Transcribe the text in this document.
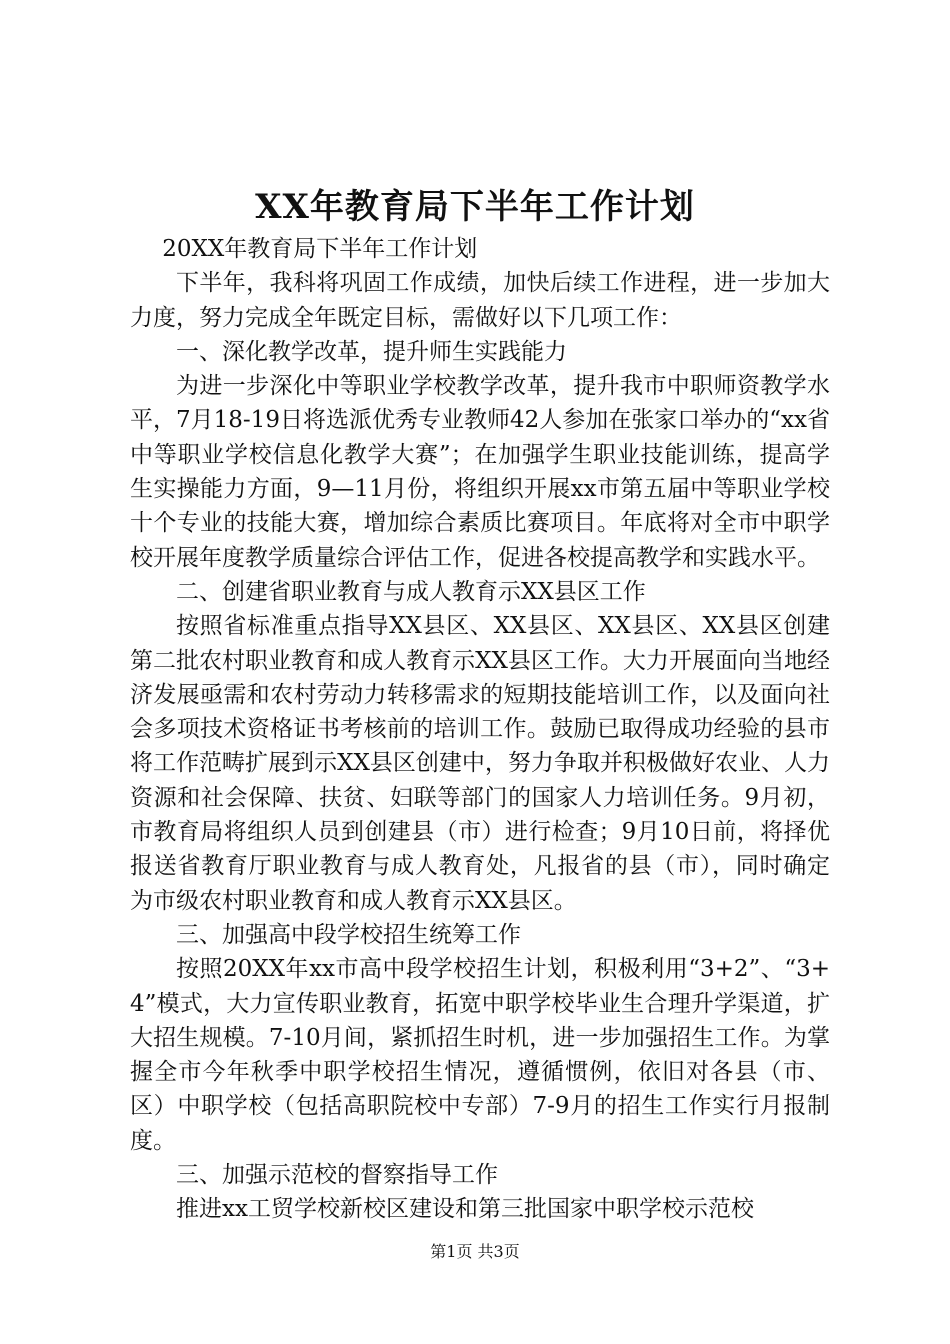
XX年教育局下半年工作计划

20XX年教育局下半年工作计划

下半年，我科将巩固工作成绩，加快后续工作进程，进一步加大力度，努力完成全年既定目标，需做好以下几项工作：

一、深化教学改革，提升师生实践能力

为进一步深化中等职业学校教学改革，提升我市中职师资教学水平，7月18-19日将选派优秀专业教师42人参加在张家口举办的“xx省中等职业学校信息化教学大赛”；在加强学生职业技能训练，提高学生实操能力方面，9—11月份，将组织开展xx市第五届中等职业学校十个专业的技能大赛，增加综合素质比赛项目。年底将对全市中职学校开展年度教学质量综合评估工作，促进各校提高教学和实践水平。

二、创建省职业教育与成人教育示XX县区工作

按照省标准重点指导XX县区、XX县区、XX县区、XX县区创建第二批农村职业教育和成人教育示XX县区工作。大力开展面向当地经济发展亟需和农村劳动力转移需求的短期技能培训工作，以及面向社会多项技术资格证书考核前的培训工作。鼓励已取得成功经验的县市将工作范畴扩展到示XX县区创建中，努力争取并积极做好农业、人力资源和社会保障、扶贫、妇联等部门的国家人力培训任务。9月初，市教育局将组织人员到创建县（市）进行检查；9月10日前，将择优报送省教育厅职业教育与成人教育处，凡报省的县（市），同时确定为市级农村职业教育和成人教育示XX县区。

三、加强高中段学校招生统筹工作

按照20XX年xx市高中段学校招生计划，积极利用“3+2”、“3+4”模式，大力宣传职业教育，拓宽中职学校毕业生合理升学渠道，扩大招生规模。7-10月间，紧抓招生时机，进一步加强招生工作。为掌握全市今年秋季中职学校招生情况，遵循惯例，依旧对各县（市、区）中职学校（包括高职院校中专部）7-9月的招生工作实行月报制度。

三、加强示范校的督察指导工作

推进xx工贸学校新校区建设和第三批国家中职学校示范校

第1页 共3页
